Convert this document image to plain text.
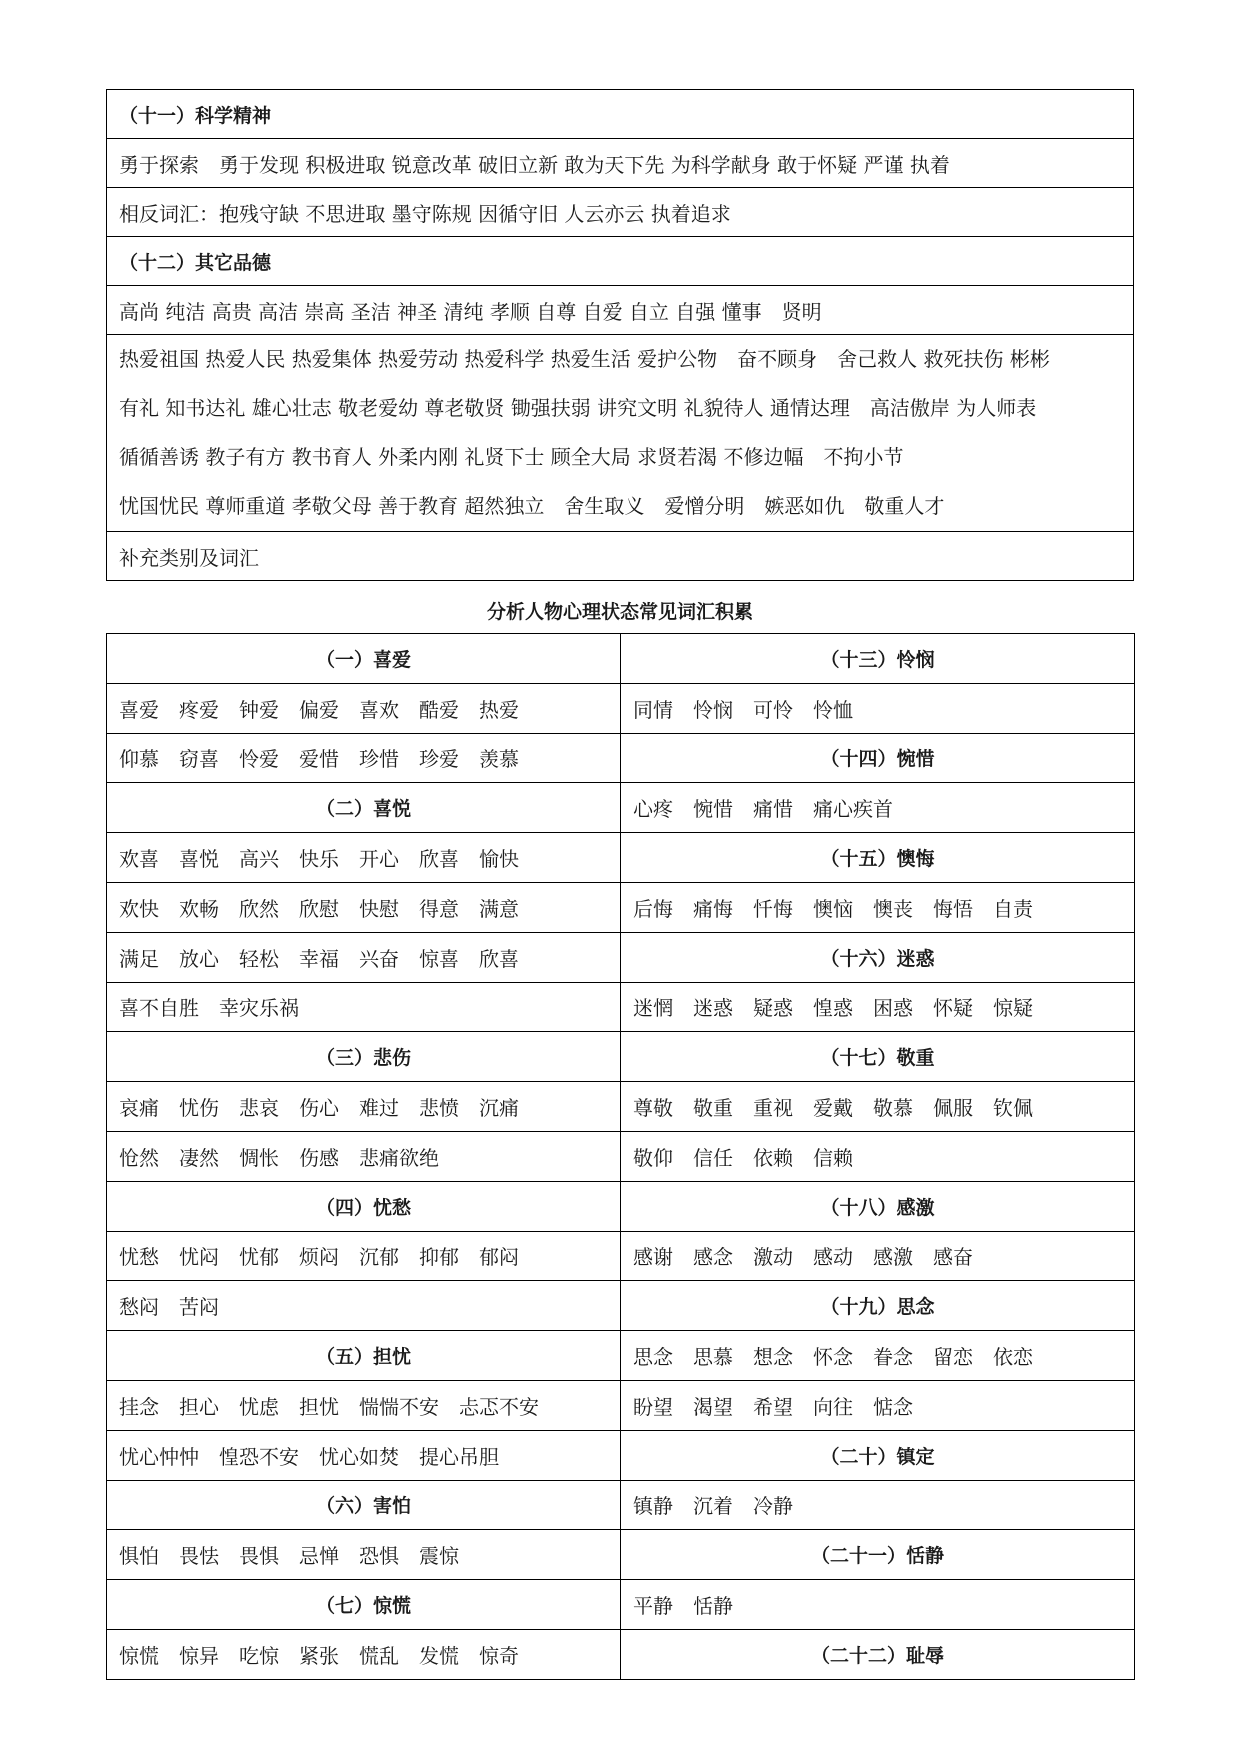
（十一）科学精神
勇于探索　勇于发现 积极进取 锐意改革 破旧立新 敢为天下先 为科学献身 敢于怀疑 严谨 执着
相反词汇：抱残守缺 不思进取 墨守陈规 因循守旧 人云亦云 执着追求
（十二）其它品德
高尚 纯洁 高贵 高洁 崇高 圣洁 神圣 清纯 孝顺 自尊 自爱 自立 自强 懂事　贤明

热爱祖国 热爱人民 热爱集体 热爱劳动 热爱科学 热爱生活 爱护公物　奋不顾身　舍己救人 救死扶伤 彬彬
有礼 知书达礼 雄心壮志 敬老爱幼 尊老敬贤 锄强扶弱 讲究文明 礼貌待人 通情达理　高洁傲岸 为人师表
循循善诱 教子有方 教书育人 外柔内刚 礼贤下士 顾全大局 求贤若渴 不修边幅　不拘小节
忧国忧民 尊师重道 孝敬父母 善于教育 超然独立　舍生取义　爱憎分明　嫉恶如仇　敬重人才

补充类别及词汇
分析人物心理状态常见词汇积累
（一）喜爱	（十三）怜悯
喜爱　疼爱　钟爱　偏爱　喜欢　酷爱　热爱	同情　怜悯　可怜　怜恤
仰慕　窃喜　怜爱　爱惜　珍惜　珍爱　羡慕	（十四）惋惜
（二）喜悦	心疼　惋惜　痛惜　痛心疾首
欢喜　喜悦　高兴　快乐　开心　欣喜　愉快	（十五）懊悔
欢快　欢畅　欣然　欣慰　快慰　得意　满意	后悔　痛悔　忏悔　懊恼　懊丧　悔悟　自责
满足　放心　轻松　幸福　兴奋　惊喜　欣喜	（十六）迷惑
喜不自胜　幸灾乐祸	迷惘　迷惑　疑惑　惶惑　困惑　怀疑　惊疑
（三）悲伤	（十七）敬重
哀痛　忧伤　悲哀　伤心　难过　悲愤　沉痛	尊敬　敬重　重视　爱戴　敬慕　佩服　钦佩
怆然　凄然　惆怅　伤感　悲痛欲绝	敬仰　信任　依赖　信赖
（四）忧愁	（十八）感激
忧愁　忧闷　忧郁　烦闷　沉郁　抑郁　郁闷	感谢　感念　激动　感动　感激　感奋
愁闷　苦闷	（十九）思念
（五）担忧	思念　思慕　想念　怀念　眷念　留恋　依恋
挂念　担心　忧虑　担忧　惴惴不安　忐忑不安	盼望　渴望　希望　向往　惦念
忧心忡忡　惶恐不安　忧心如焚　提心吊胆	（二十）镇定
（六）害怕	镇静　沉着　冷静
惧怕　畏怯　畏惧　忌惮　恐惧　震惊	（二十一）恬静
（七）惊慌	平静　恬静
惊慌　惊异　吃惊　紧张　慌乱　发慌　惊奇	（二十二）耻辱
